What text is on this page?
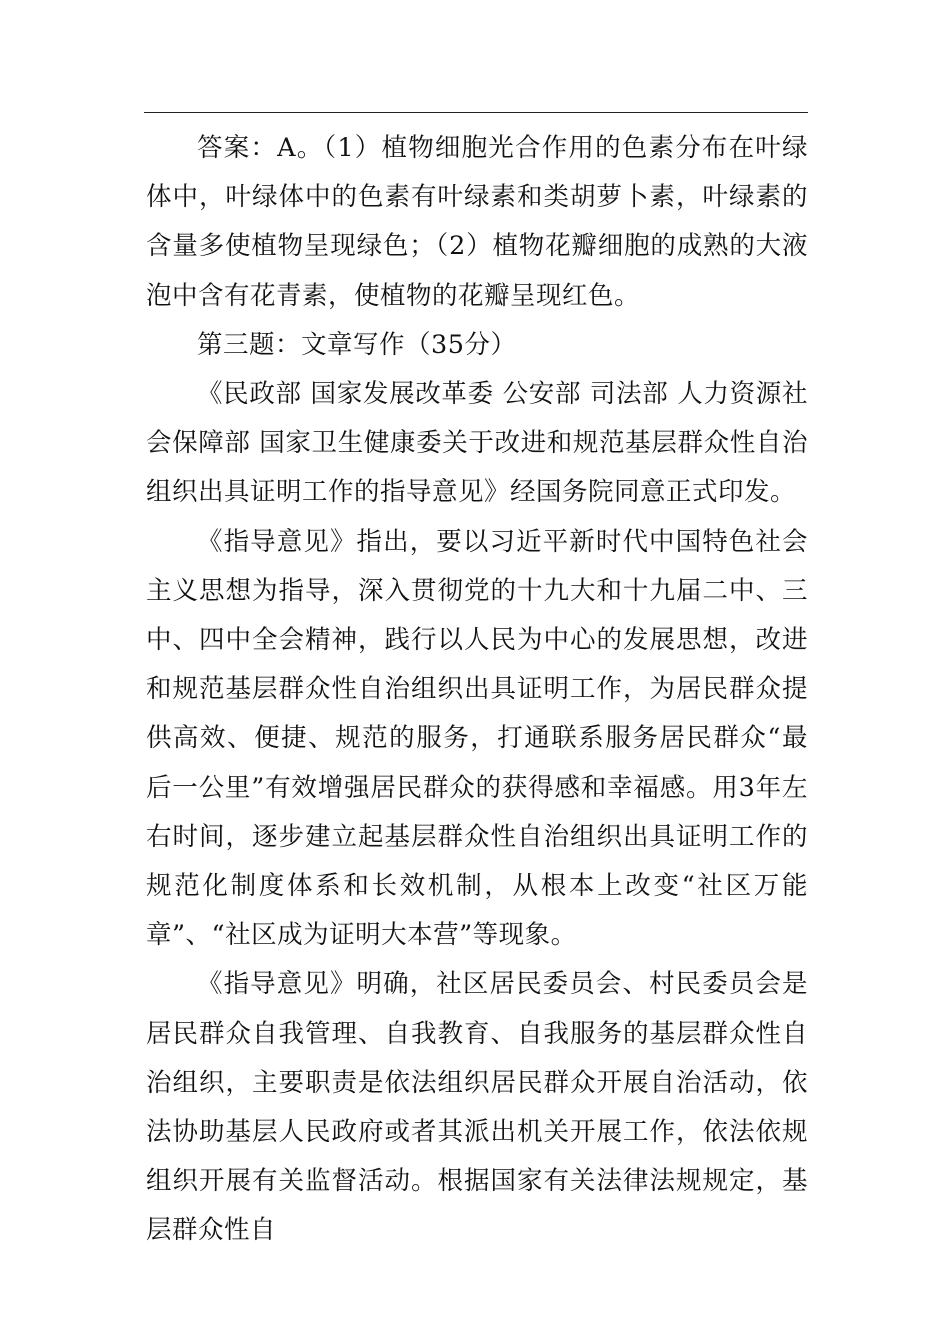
答案：A。（1）植物细胞光合作用的色素分布在叶绿体中，叶绿体中的色素有叶绿素和类胡萝卜素，叶绿素的含量多使植物呈现绿色；（2）植物花瓣细胞的成熟的大液泡中含有花青素，使植物的花瓣呈现红色。

第三题：文章写作（35分）

《民政部 国家发展改革委 公安部 司法部 人力资源社会保障部 国家卫生健康委关于改进和规范基层群众性自治组织出具证明工作的指导意见》经国务院同意正式印发。

《指导意见》指出，要以习近平新时代中国特色社会主义思想为指导，深入贯彻党的十九大和十九届二中、三中、四中全会精神，践行以人民为中心的发展思想，改进和规范基层群众性自治组织出具证明工作，为居民群众提供高效、便捷、规范的服务，打通联系服务居民群众“最后一公里”有效增强居民群众的获得感和幸福感。用3年左右时间，逐步建立起基层群众性自治组织出具证明工作的规范化制度体系和长效机制，从根本上改变“社区万能章”、“社区成为证明大本营”等现象。

《指导意见》明确，社区居民委员会、村民委员会是居民群众自我管理、自我教育、自我服务的基层群众性自治组织，主要职责是依法组织居民群众开展自治活动，依法协助基层人民政府或者其派出机关开展工作，依法依规组织开展有关监督活动。根据国家有关法律法规规定，基层群众性自
